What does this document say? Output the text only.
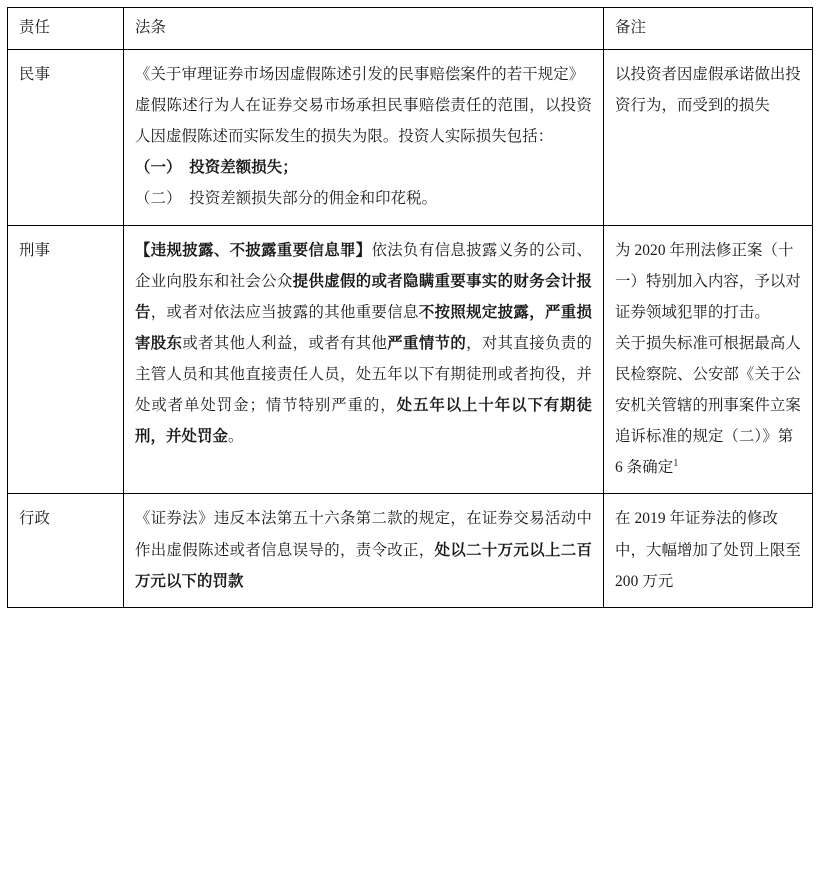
责任	法条	备注

民事	《关于审理证券市场因虚假陈述引发的民事赔偿案件的若干规定》
虚假陈述行为人在证券交易市场承担民事赔偿责任的范围，以投资人因虚假陈述而实际发生的损失为限。投资人实际损失包括：
（一）　投资差额损失；
（二）　投资差额损失部分的佣金和印花税。	以投资者因虚假承诺做出投资行为，而受到的损失

刑事	【违规披露、不披露重要信息罪】依法负有信息披露义务的公司、企业向股东和社会公众提供虚假的或者隐瞒重要事实的财务会计报告，或者对依法应当披露的其他重要信息不按照规定披露，严重损害股东或者其他人利益，或者有其他严重情节的，对其直接负责的主管人员和其他直接责任人员，处五年以下有期徒刑或者拘役，并处或者单处罚金；情节特别严重的，处五年以上十年以下有期徒刑，并处罚金。	为 2020 年刑法修正案（十一）特别加入内容，予以对证券领域犯罪的打击。
关于损失标准可根据最高人民检察院、公安部《关于公安机关管辖的刑事案件立案追诉标准的规定（二）》第 6 条确定$^1$

行政	《证券法》违反本法第五十六条第二款的规定，在证券交易活动中作出虚假陈述或者信息误导的，责令改正，处以二十万元以上二百万元以下的罚款	在 2019 年证券法的修改中，大幅增加了处罚上限至 200 万元
